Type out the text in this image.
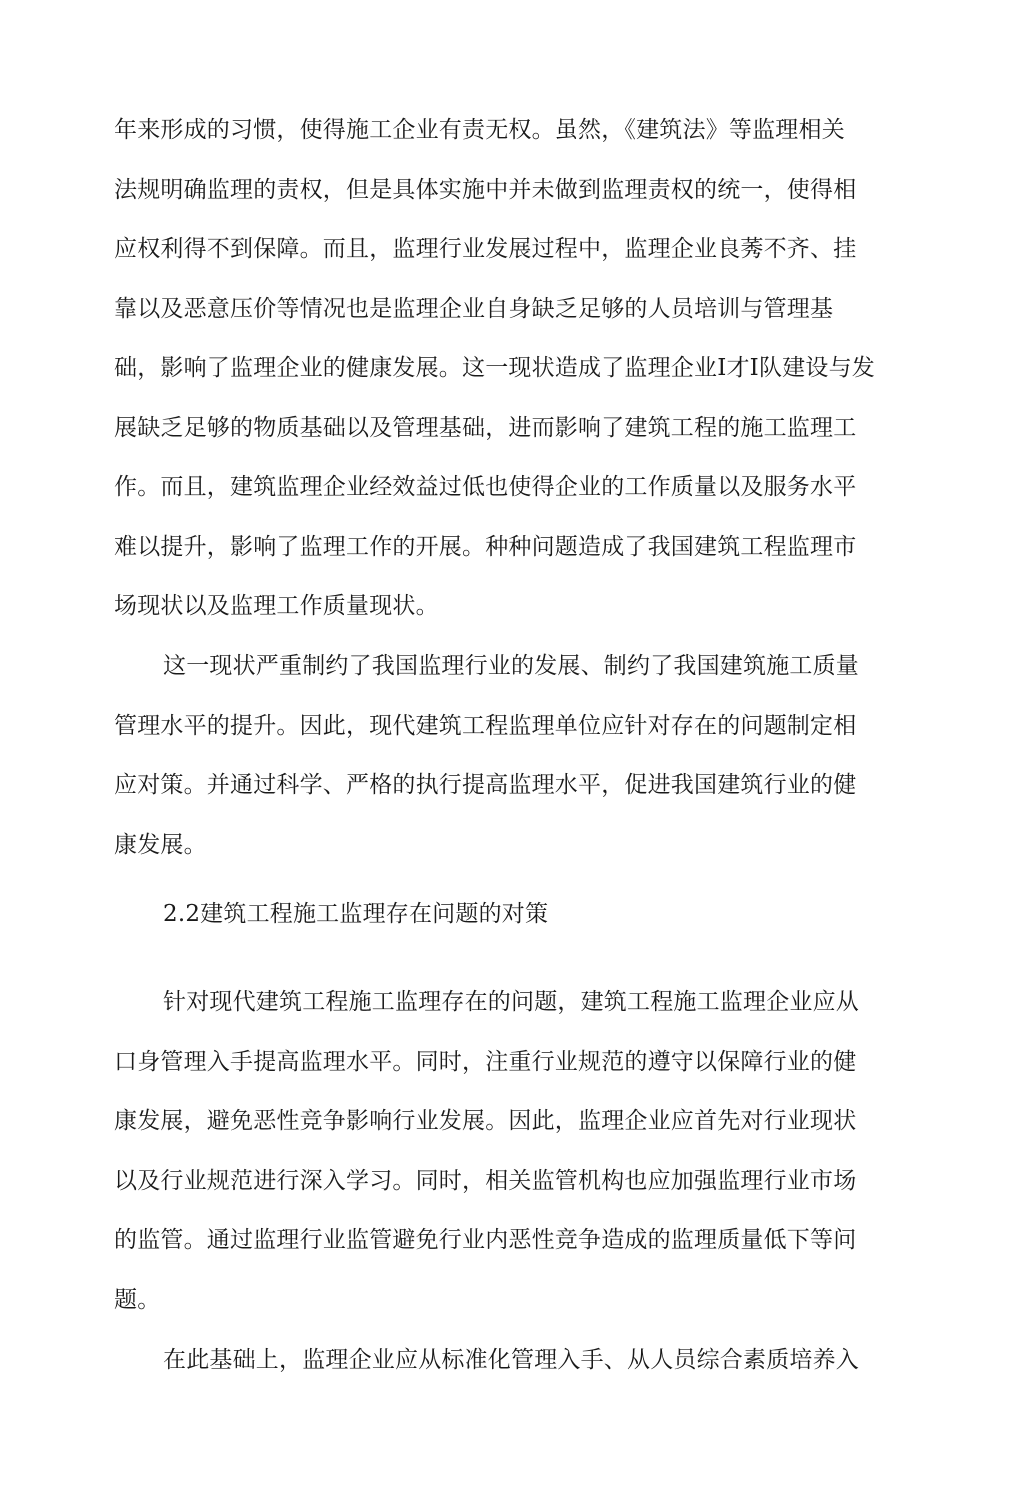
年来形成的习惯，使得施工企业有责无权。虽然，《建筑法》等监理相关
法规明确监理的责权，但是具体实施中并未做到监理责权的统一，使得相
应权利得不到保障。而且，监理行业发展过程中，监理企业良莠不齐、挂
靠以及恶意压价等情况也是监理企业自身缺乏足够的人员培训与管理基
础，影响了监理企业的健康发展。这一现状造成了监理企业I才I队建设与发
展缺乏足够的物质基础以及管理基础，进而影响了建筑工程的施工监理工
作。而且，建筑监理企业经效益过低也使得企业的工作质量以及服务水平
难以提升，影响了监理工作的开展。种种问题造成了我国建筑工程监理市
场现状以及监理工作质量现状。
这一现状严重制约了我国监理行业的发展、制约了我国建筑施工质量
管理水平的提升。因此，现代建筑工程监理单位应针对存在的问题制定相
应对策。并通过科学、严格的执行提高监理水平，促进我国建筑行业的健
康发展。
2.2建筑工程施工监理存在问题的对策
针对现代建筑工程施工监理存在的问题，建筑工程施工监理企业应从
口身管理入手提高监理水平。同时，注重行业规范的遵守以保障行业的健
康发展，避免恶性竞争影响行业发展。因此，监理企业应首先对行业现状
以及行业规范进行深入学习。同时，相关监管机构也应加强监理行业市场
的监管。通过监理行业监管避免行业内恶性竞争造成的监理质量低下等问
题。
在此基础上，监理企业应从标准化管理入手、从人员综合素质培养入
